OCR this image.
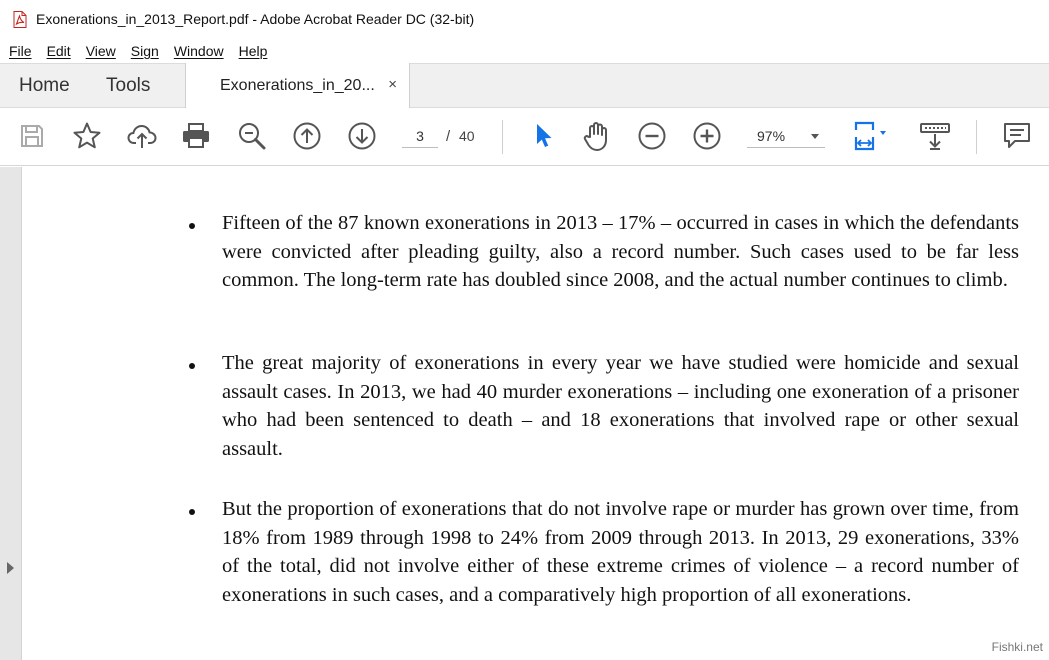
Exonerations_in_2013_Report.pdf - Adobe Acrobat Reader DC (32-bit)
File Edit View Sign Window Help
Home Tools	Exonerations_in_20... ×
3	/ 40	97%

Fifteen of the 87 known exonerations in 2013 – 17% – occurred in cases in which the defendants were convicted after pleading guilty, also a record number. Such cases used to be far less common. The long-term rate has doubled since 2008, and the actual number continues to climb.

The great majority of exonerations in every year we have studied were homicide and sexual assault cases. In 2013, we had 40 murder exonerations – including one exoneration of a prisoner who had been sentenced to death – and 18 exonerations that involved rape or other sexual assault.

But the proportion of exonerations that do not involve rape or murder has grown over time, from 18% from 1989 through 1998 to 24% from 2009 through 2013. In 2013, 29 exonerations, 33% of the total, did not involve either of these extreme crimes of violence – a record number of exonerations in such cases, and a comparatively high proportion of all exonerations.

Fishki.net
